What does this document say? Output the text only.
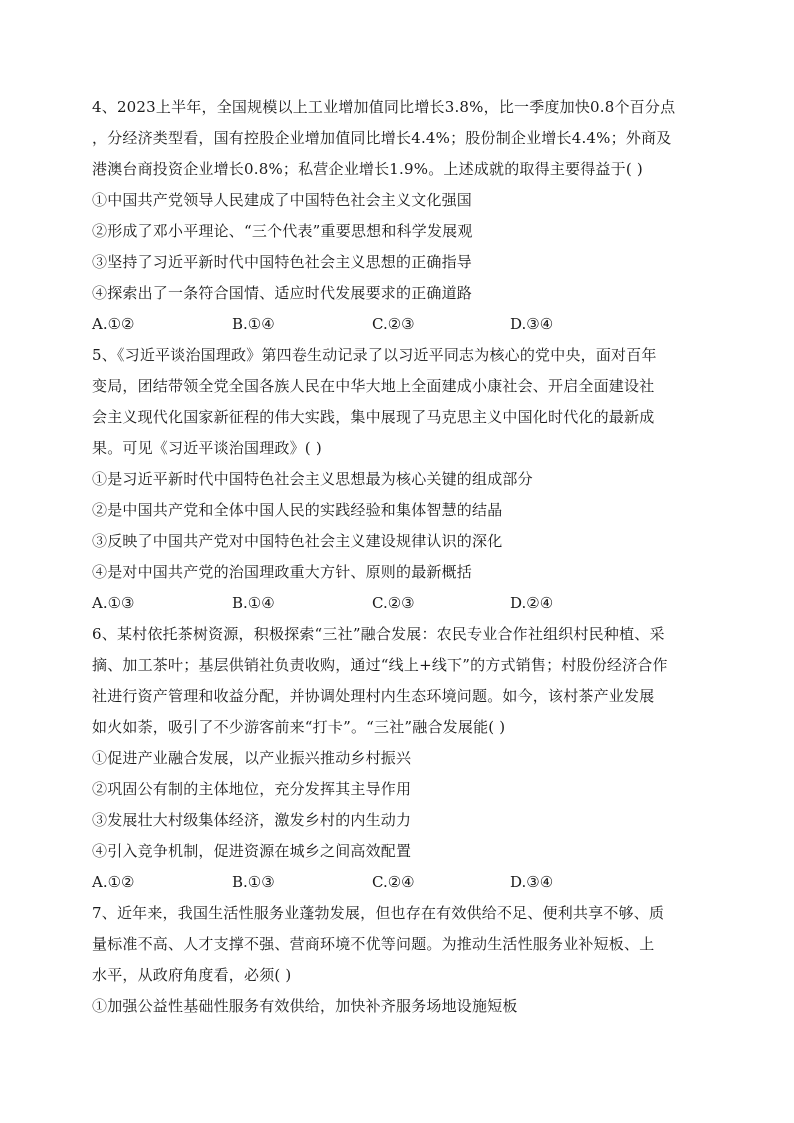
4、2023上半年，全国规模以上工业增加值同比增长3.8%，比一季度加快0.8个百分点
，分经济类型看，国有控股企业增加值同比增长4.4%；股份制企业增长4.4%；外商及
港澳台商投资企业增长0.8%；私营企业增长1.9%。上述成就的取得主要得益于( )
①中国共产党领导人民建成了中国特色社会主义文化强国
②形成了邓小平理论、“三个代表”重要思想和科学发展观
③坚持了习近平新时代中国特色社会主义思想的正确指导
④探索出了一条符合国情、适应时代发展要求的正确道路
A.①②	B.①④	C.②③	D.③④
5、《习近平谈治国理政》第四卷生动记录了以习近平同志为核心的党中央，面对百年
变局，团结带领全党全国各族人民在中华大地上全面建成小康社会、开启全面建设社
会主义现代化国家新征程的伟大实践，集中展现了马克思主义中国化时代化的最新成
果。可见《习近平谈治国理政》( )
①是习近平新时代中国特色社会主义思想最为核心关键的组成部分
②是中国共产党和全体中国人民的实践经验和集体智慧的结晶
③反映了中国共产党对中国特色社会主义建设规律认识的深化
④是对中国共产党的治国理政重大方针、原则的最新概括
A.①③	B.①④	C.②③	D.②④
6、某村依托茶树资源，积极探索“三社”融合发展：农民专业合作社组织村民种植、采
摘、加工茶叶；基层供销社负责收购，通过“线上+线下”的方式销售；村股份经济合作
社进行资产管理和收益分配，并协调处理村内生态环境问题。如今，该村茶产业发展
如火如荼，吸引了不少游客前来“打卡”。“三社”融合发展能( )
①促进产业融合发展，以产业振兴推动乡村振兴
②巩固公有制的主体地位，充分发挥其主导作用
③发展壮大村级集体经济，激发乡村的内生动力
④引入竞争机制，促进资源在城乡之间高效配置
A.①②	B.①③	C.②④	D.③④
7、近年来，我国生活性服务业蓬勃发展，但也存在有效供给不足、便利共享不够、质
量标准不高、人才支撑不强、营商环境不优等问题。为推动生活性服务业补短板、上
水平，从政府角度看，必须( )
①加强公益性基础性服务有效供给，加快补齐服务场地设施短板
